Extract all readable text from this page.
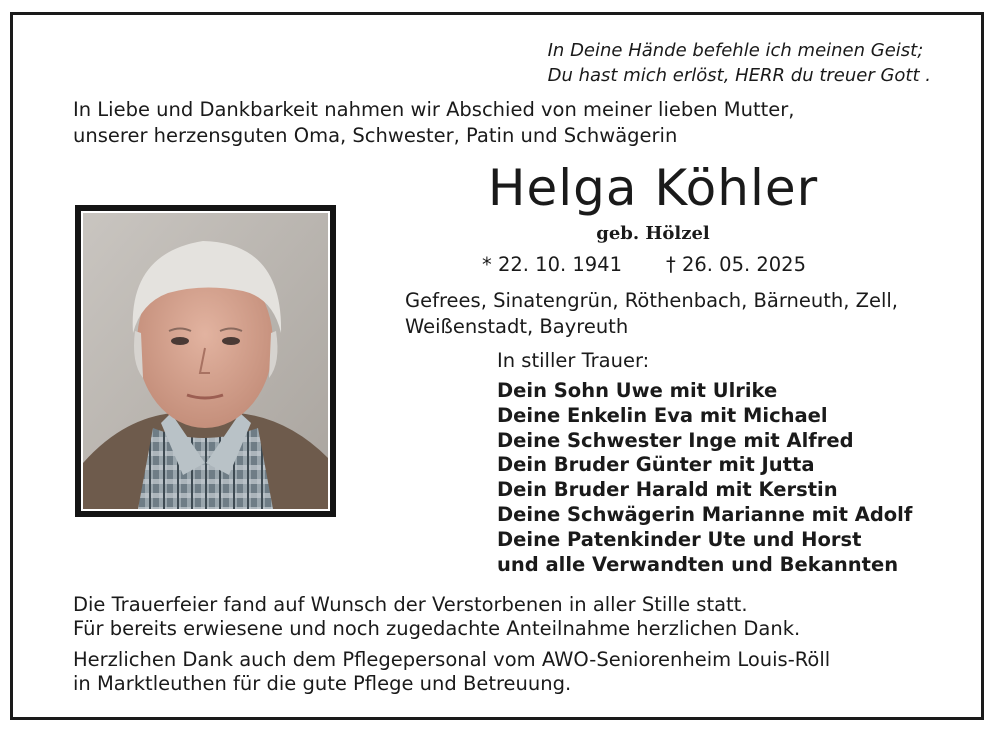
In Deine Hände befehle ich meinen Geist;
Du hast mich erlöst, HERR du treuer Gott .
In Liebe und Dankbarkeit nahmen wir Abschied von meiner lieben Mutter,
unserer herzensguten Oma, Schwester, Patin und Schwägerin
Helga Köhler
geb. Hölzel
* 22. 10. 1941 † 26. 05. 2025
Gefrees, Sinatengrün, Röthenbach, Bärneuth, Zell,
Weißenstadt, Bayreuth
In stiller Trauer:
Dein Sohn Uwe mit Ulrike
Deine Enkelin Eva mit Michael
Deine Schwester Inge mit Alfred
Dein Bruder Günter mit Jutta
Dein Bruder Harald mit Kerstin
Deine Schwägerin Marianne mit Adolf
Deine Patenkinder Ute und Horst
und alle Verwandten und Bekannten
Die Trauerfeier fand auf Wunsch der Verstorbenen in aller Stille statt.
Für bereits erwiesene und noch zugedachte Anteilnahme herzlichen Dank.
Herzlichen Dank auch dem Pflegepersonal vom AWO-Seniorenheim Louis-Röll
in Marktleuthen für die gute Pflege und Betreuung.
